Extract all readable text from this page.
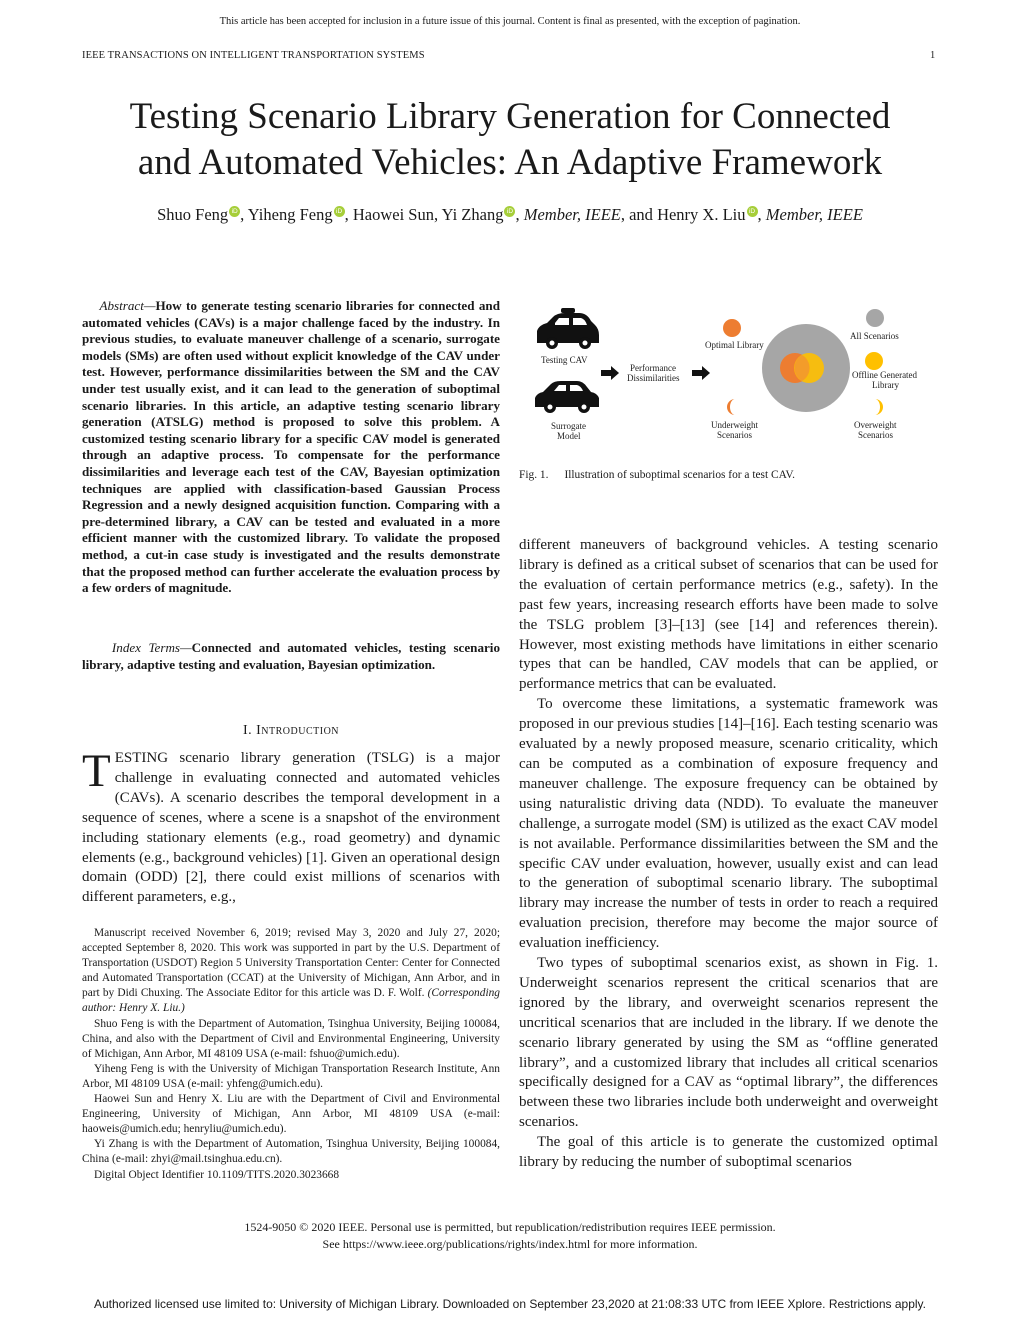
This article has been accepted for inclusion in a future issue of this journal. Content is final as presented, with the exception of pagination.
IEEE TRANSACTIONS ON INTELLIGENT TRANSPORTATION SYSTEMS	1
Testing Scenario Library Generation for Connected
and Automated Vehicles: An Adaptive Framework
Shuo Feng iD , Yiheng Feng iD , Haowei Sun, Yi Zhang iD , Member, IEEE, and Henry X. Liu iD , Member, IEEE
Abstract—How to generate testing scenario libraries for connected and automated vehicles (CAVs) is a major challenge faced by the industry. In previous studies, to evaluate maneuver challenge of a scenario, surrogate models (SMs) are often used without explicit knowledge of the CAV under test. However, performance dissimilarities between the SM and the CAV under test usually exist, and it can lead to the generation of suboptimal scenario libraries. In this article, an adaptive testing scenario library generation (ATSLG) method is proposed to solve this problem. A customized testing scenario library for a specific CAV model is generated through an adaptive process. To compensate for the performance dissimilarities and leverage each test of the CAV, Bayesian optimization techniques are applied with classification-based Gaussian Process Regression and a newly designed acquisition function. Comparing with a pre-determined library, a CAV can be tested and evaluated in a more efficient manner with the customized library. To validate the proposed method, a cut-in case study is investigated and the results demonstrate that the proposed method can further accelerate the evaluation process by a few orders of magnitude.
Index Terms—Connected and automated vehicles, testing scenario library, adaptive testing and evaluation, Bayesian optimization.
I. Introduction
TESTING scenario library generation (TSLG) is a major challenge in evaluating connected and automated vehicles (CAVs). A scenario describes the temporal development in a sequence of scenes, where a scene is a snapshot of the environment including stationary elements (e.g., road geometry) and dynamic elements (e.g., background vehicles) [1]. Given an operational design domain (ODD) [2], there could exist millions of scenarios with different parameters, e.g.,

Manuscript received November 6, 2019; revised May 3, 2020 and July 27, 2020; accepted September 8, 2020. This work was supported in part by the U.S. Department of Transportation (USDOT) Region 5 University Transportation Center: Center for Connected and Automated Transportation (CCAT) at the University of Michigan, Ann Arbor, and in part by Didi Chuxing. The Associate Editor for this article was D. F. Wolf. (Corresponding author: Henry X. Liu.)

Shuo Feng is with the Department of Automation, Tsinghua University, Beijing 100084, China, and also with the Department of Civil and Environmental Engineering, University of Michigan, Ann Arbor, MI 48109 USA (e-mail: fshuo@umich.edu).

Yiheng Feng is with the University of Michigan Transportation Research Institute, Ann Arbor, MI 48109 USA (e-mail: yhfeng@umich.edu).

Haowei Sun and Henry X. Liu are with the Department of Civil and Environmental Engineering, University of Michigan, Ann Arbor, MI 48109 USA (e-mail: haoweis@umich.edu; henryliu@umich.edu).

Yi Zhang is with the Department of Automation, Tsinghua University, Beijing 100084, China (e-mail: zhyi@mail.tsinghua.edu.cn).

Digital Object Identifier 10.1109/TITS.2020.3023668

Testing CAV
Surrogate
Model
Performance
Dissimilarities
Optimal Library
All Scenarios
Offline Generated
Library
Underweight
Scenarios
Overweight
Scenarios
Fig. 1. Illustration of suboptimal scenarios for a test CAV.

different maneuvers of background vehicles. A testing scenario library is defined as a critical subset of scenarios that can be used for the evaluation of certain performance metrics (e.g., safety). In the past few years, increasing research efforts have been made to solve the TSLG problem [3]–[13] (see [14] and references therein). However, most existing methods have limitations in either scenario types that can be handled, CAV models that can be applied, or performance metrics that can be evaluated.

To overcome these limitations, a systematic framework was proposed in our previous studies [14]–[16]. Each testing scenario was evaluated by a newly proposed measure, scenario criticality, which can be computed as a combination of exposure frequency and maneuver challenge. The exposure frequency can be obtained by using naturalistic driving data (NDD). To evaluate the maneuver challenge, a surrogate model (SM) is utilized as the exact CAV model is not available. Performance dissimilarities between the SM and the specific CAV under evaluation, however, usually exist and can lead to the generation of suboptimal scenario library. The suboptimal library may increase the number of tests in order to reach a required evaluation precision, therefore may become the major source of evaluation inefficiency.

Two types of suboptimal scenarios exist, as shown in Fig. 1. Underweight scenarios represent the critical scenarios that are ignored by the library, and overweight scenarios represent the uncritical scenarios that are included in the library. If we denote the scenario library generated by using the SM as “offline generated library”, and a customized library that includes all critical scenarios specifically designed for a CAV as “optimal library”, the differences between these two libraries include both underweight and overweight scenarios.

The goal of this article is to generate the customized optimal library by reducing the number of suboptimal scenarios

1524-9050 © 2020 IEEE. Personal use is permitted, but republication/redistribution requires IEEE permission.
See https://www.ieee.org/publications/rights/index.html for more information.
Authorized licensed use limited to: University of Michigan Library. Downloaded on September 23,2020 at 21:08:33 UTC from IEEE Xplore. Restrictions apply.
